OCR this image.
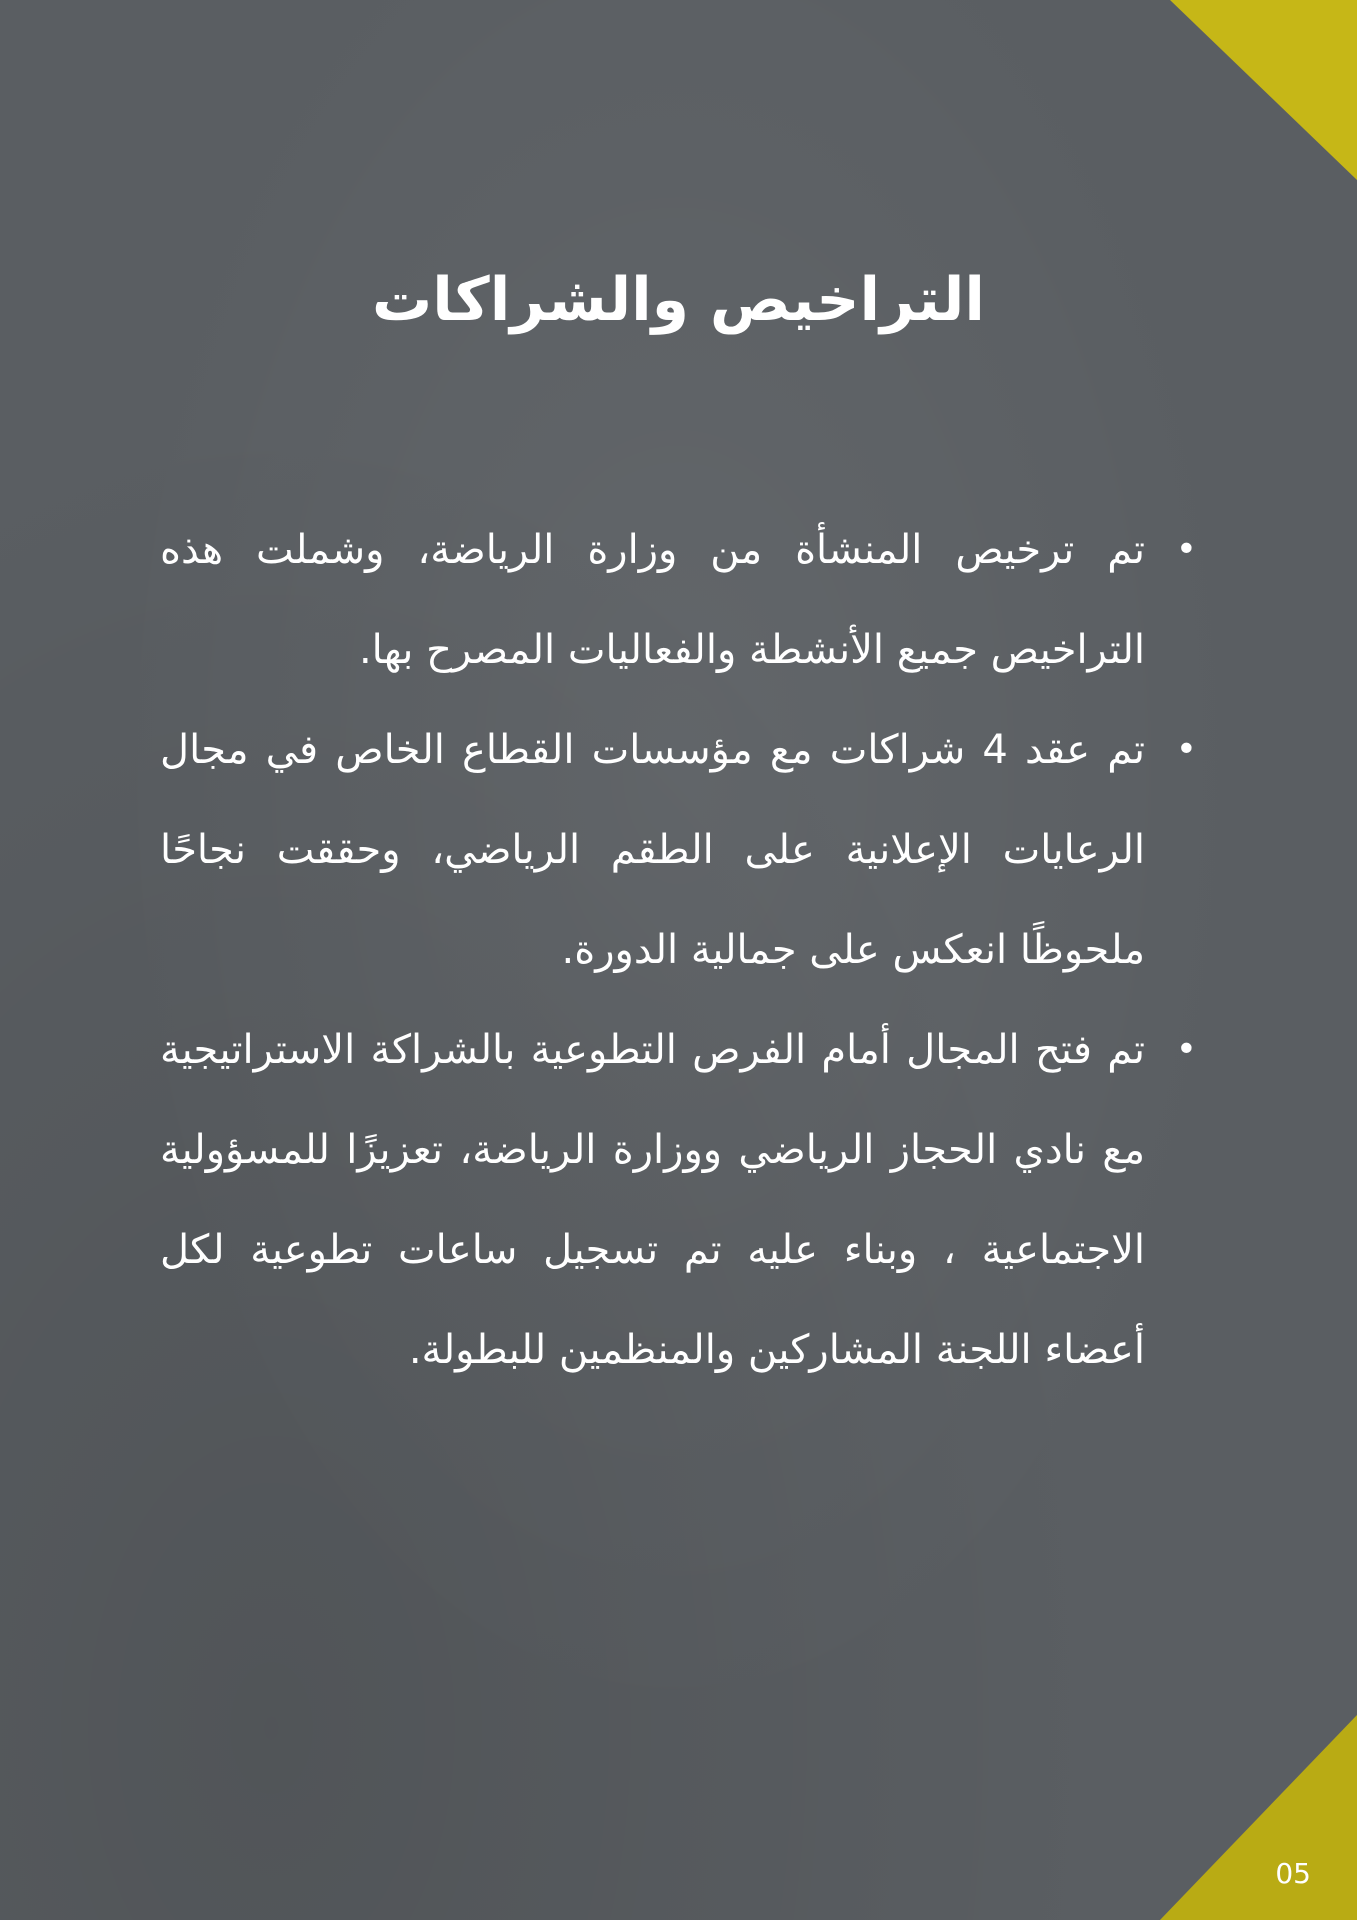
التراخيص والشراكات
•
تم ترخيص المنشأة من وزارة الرياضة، وشملت هذه التراخيص جميع الأنشطة والفعاليات المصرح بها.
•
تم عقد 4 شراكات مع مؤسسات القطاع الخاص في مجال الرعايات الإعلانية على الطقم الرياضي، وحققت نجاحًا ملحوظًا انعكس على جمالية الدورة.
•
تم فتح المجال أمام الفرص التطوعية بالشراكة الاستراتيجية مع نادي الحجاز الرياضي ووزارة الرياضة، تعزيزًا للمسؤولية الاجتماعية ، وبناء عليه تم تسجيل ساعات تطوعية لكل أعضاء اللجنة المشاركين والمنظمين للبطولة.
05
